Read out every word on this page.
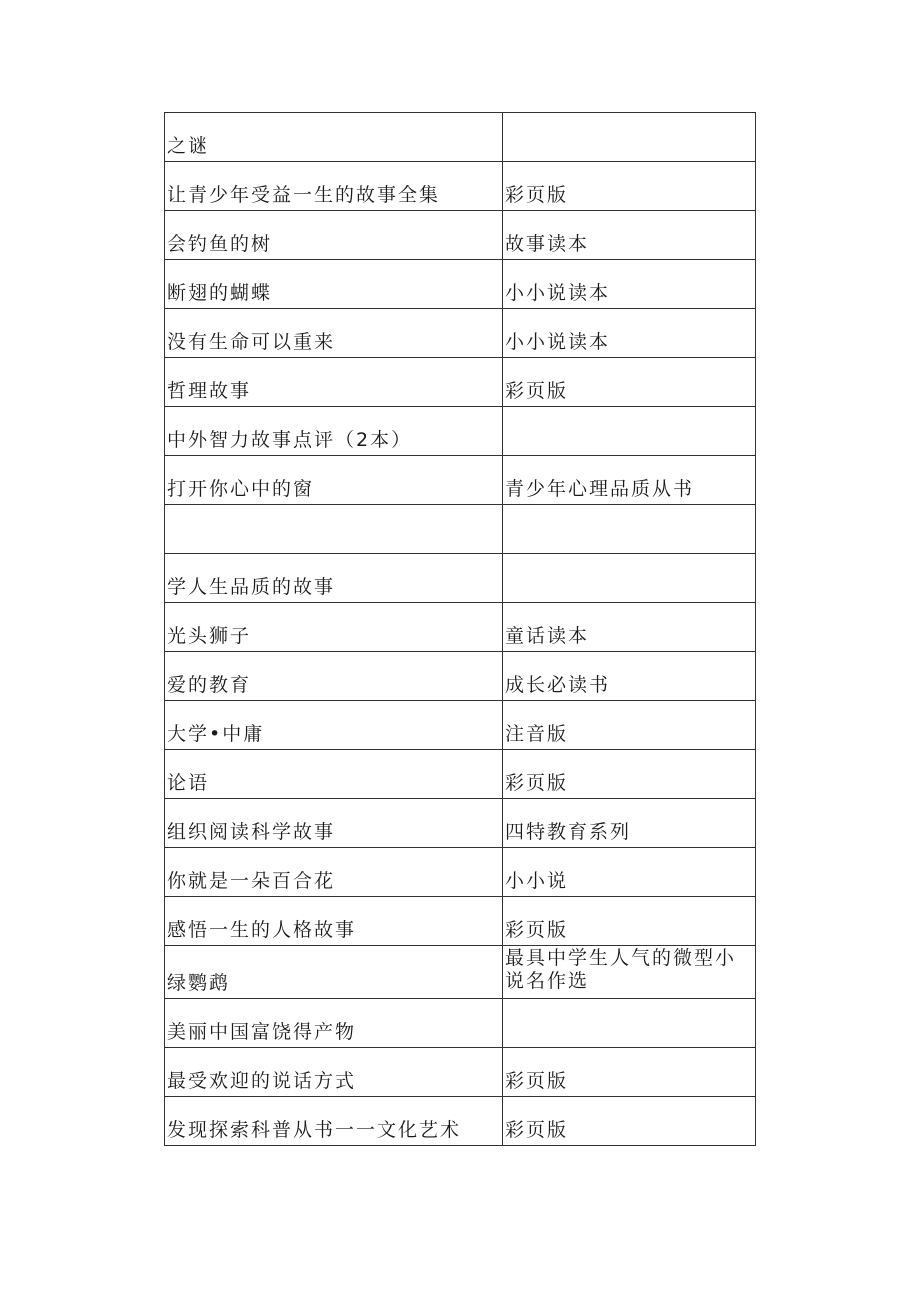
之谜	
让青少年受益一生的故事全集	彩页版
会钓鱼的树	故事读本
断翅的蝴蝶	小小说读本
没有生命可以重来	小小说读本
哲理故事	彩页版
中外智力故事点评（2本）	
打开你心中的窗	青少年心理品质从书

学人生品质的故事	
光头狮子	童话读本
爱的教育	成长必读书
大学•中庸	注音版
论语	彩页版
组织阅读科学故事	四特教育系列
你就是一朵百合花	小小说
感悟一生的人格故事	彩页版
绿鹦鹉	最具中学生人气的微型小说名作选
美丽中国富饶得产物	
最受欢迎的说话方式	彩页版
发现探索科普从书一一文化艺术	彩页版
